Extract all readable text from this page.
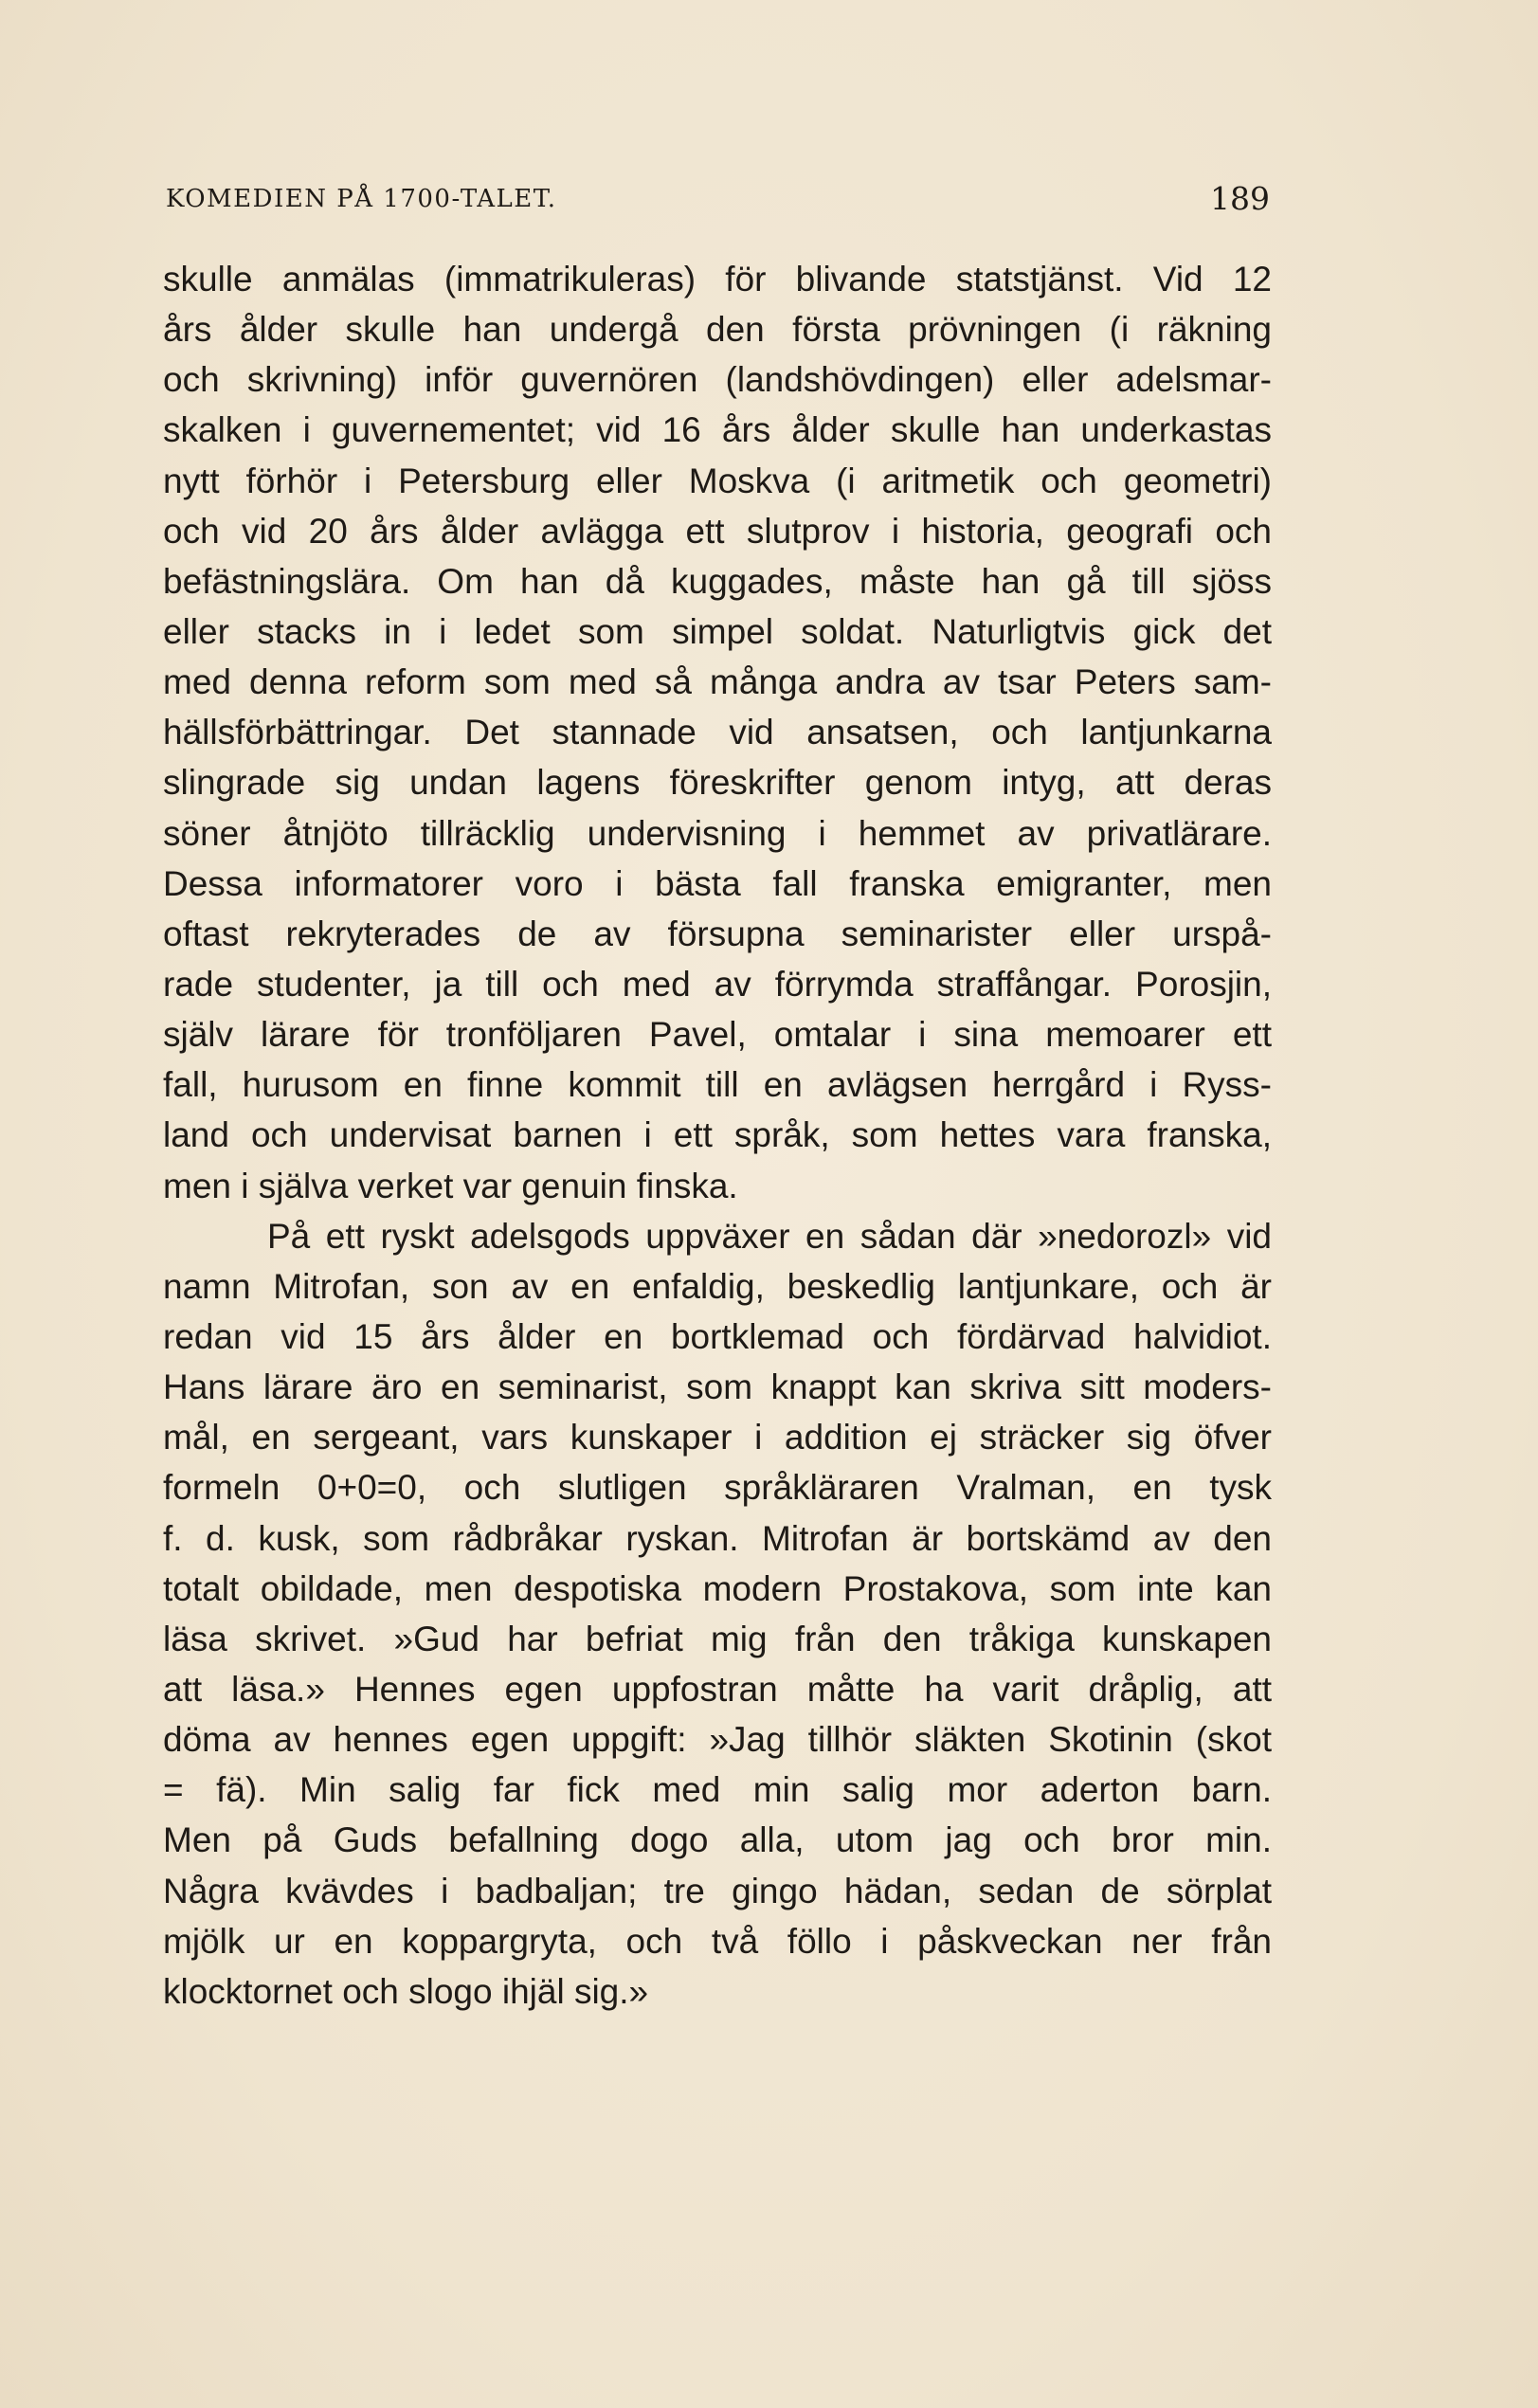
KOMEDIEN PÅ 1700-TALET.	189
skulle anmälas (immatrikuleras) för blivande statstjänst. Vid 12
års ålder skulle han undergå den första prövningen (i räkning
och skrivning) inför guvernören (landshövdingen) eller adelsmar-
skalken i guvernementet; vid 16 års ålder skulle han underkastas
nytt förhör i Petersburg eller Moskva (i aritmetik och geometri)
och vid 20 års ålder avlägga ett slutprov i historia, geografi och
befästningslära. Om han då kuggades, måste han gå till sjöss
eller stacks in i ledet som simpel soldat. Naturligtvis gick det
med denna reform som med så många andra av tsar Peters sam-
hällsförbättringar. Det stannade vid ansatsen, och lantjunkarna
slingrade sig undan lagens föreskrifter genom intyg, att deras
söner åtnjöto tillräcklig undervisning i hemmet av privatlärare.
Dessa informatorer voro i bästa fall franska emigranter, men
oftast rekryterades de av försupna seminarister eller urspå-
rade studenter, ja till och med av förrymda straffångar. Porosjin,
själv lärare för tronföljaren Pavel, omtalar i sina memoarer ett
fall, hurusom en finne kommit till en avlägsen herrgård i Ryss-
land och undervisat barnen i ett språk, som hettes vara franska,
men i själva verket var genuin finska.
På ett ryskt adelsgods uppväxer en sådan där »nedorozl» vid
namn Mitrofan, son av en enfaldig, beskedlig lantjunkare, och är
redan vid 15 års ålder en bortklemad och fördärvad halvidiot.
Hans lärare äro en seminarist, som knappt kan skriva sitt moders-
mål, en sergeant, vars kunskaper i addition ej sträcker sig öfver
formeln 0+0=0, och slutligen språkläraren Vralman, en tysk
f. d. kusk, som rådbråkar ryskan. Mitrofan är bortskämd av den
totalt obildade, men despotiska modern Prostakova, som inte kan
läsa skrivet. »Gud har befriat mig från den tråkiga kunskapen
att läsa.» Hennes egen uppfostran måtte ha varit dråplig, att
döma av hennes egen uppgift: »Jag tillhör släkten Skotinin (skot
= fä). Min salig far fick med min salig mor aderton barn.
Men på Guds befallning dogo alla, utom jag och bror min.
Några kvävdes i badbaljan; tre gingo hädan, sedan de sörplat
mjölk ur en koppargryta, och två föllo i påskveckan ner från
klocktornet och slogo ihjäl sig.»
